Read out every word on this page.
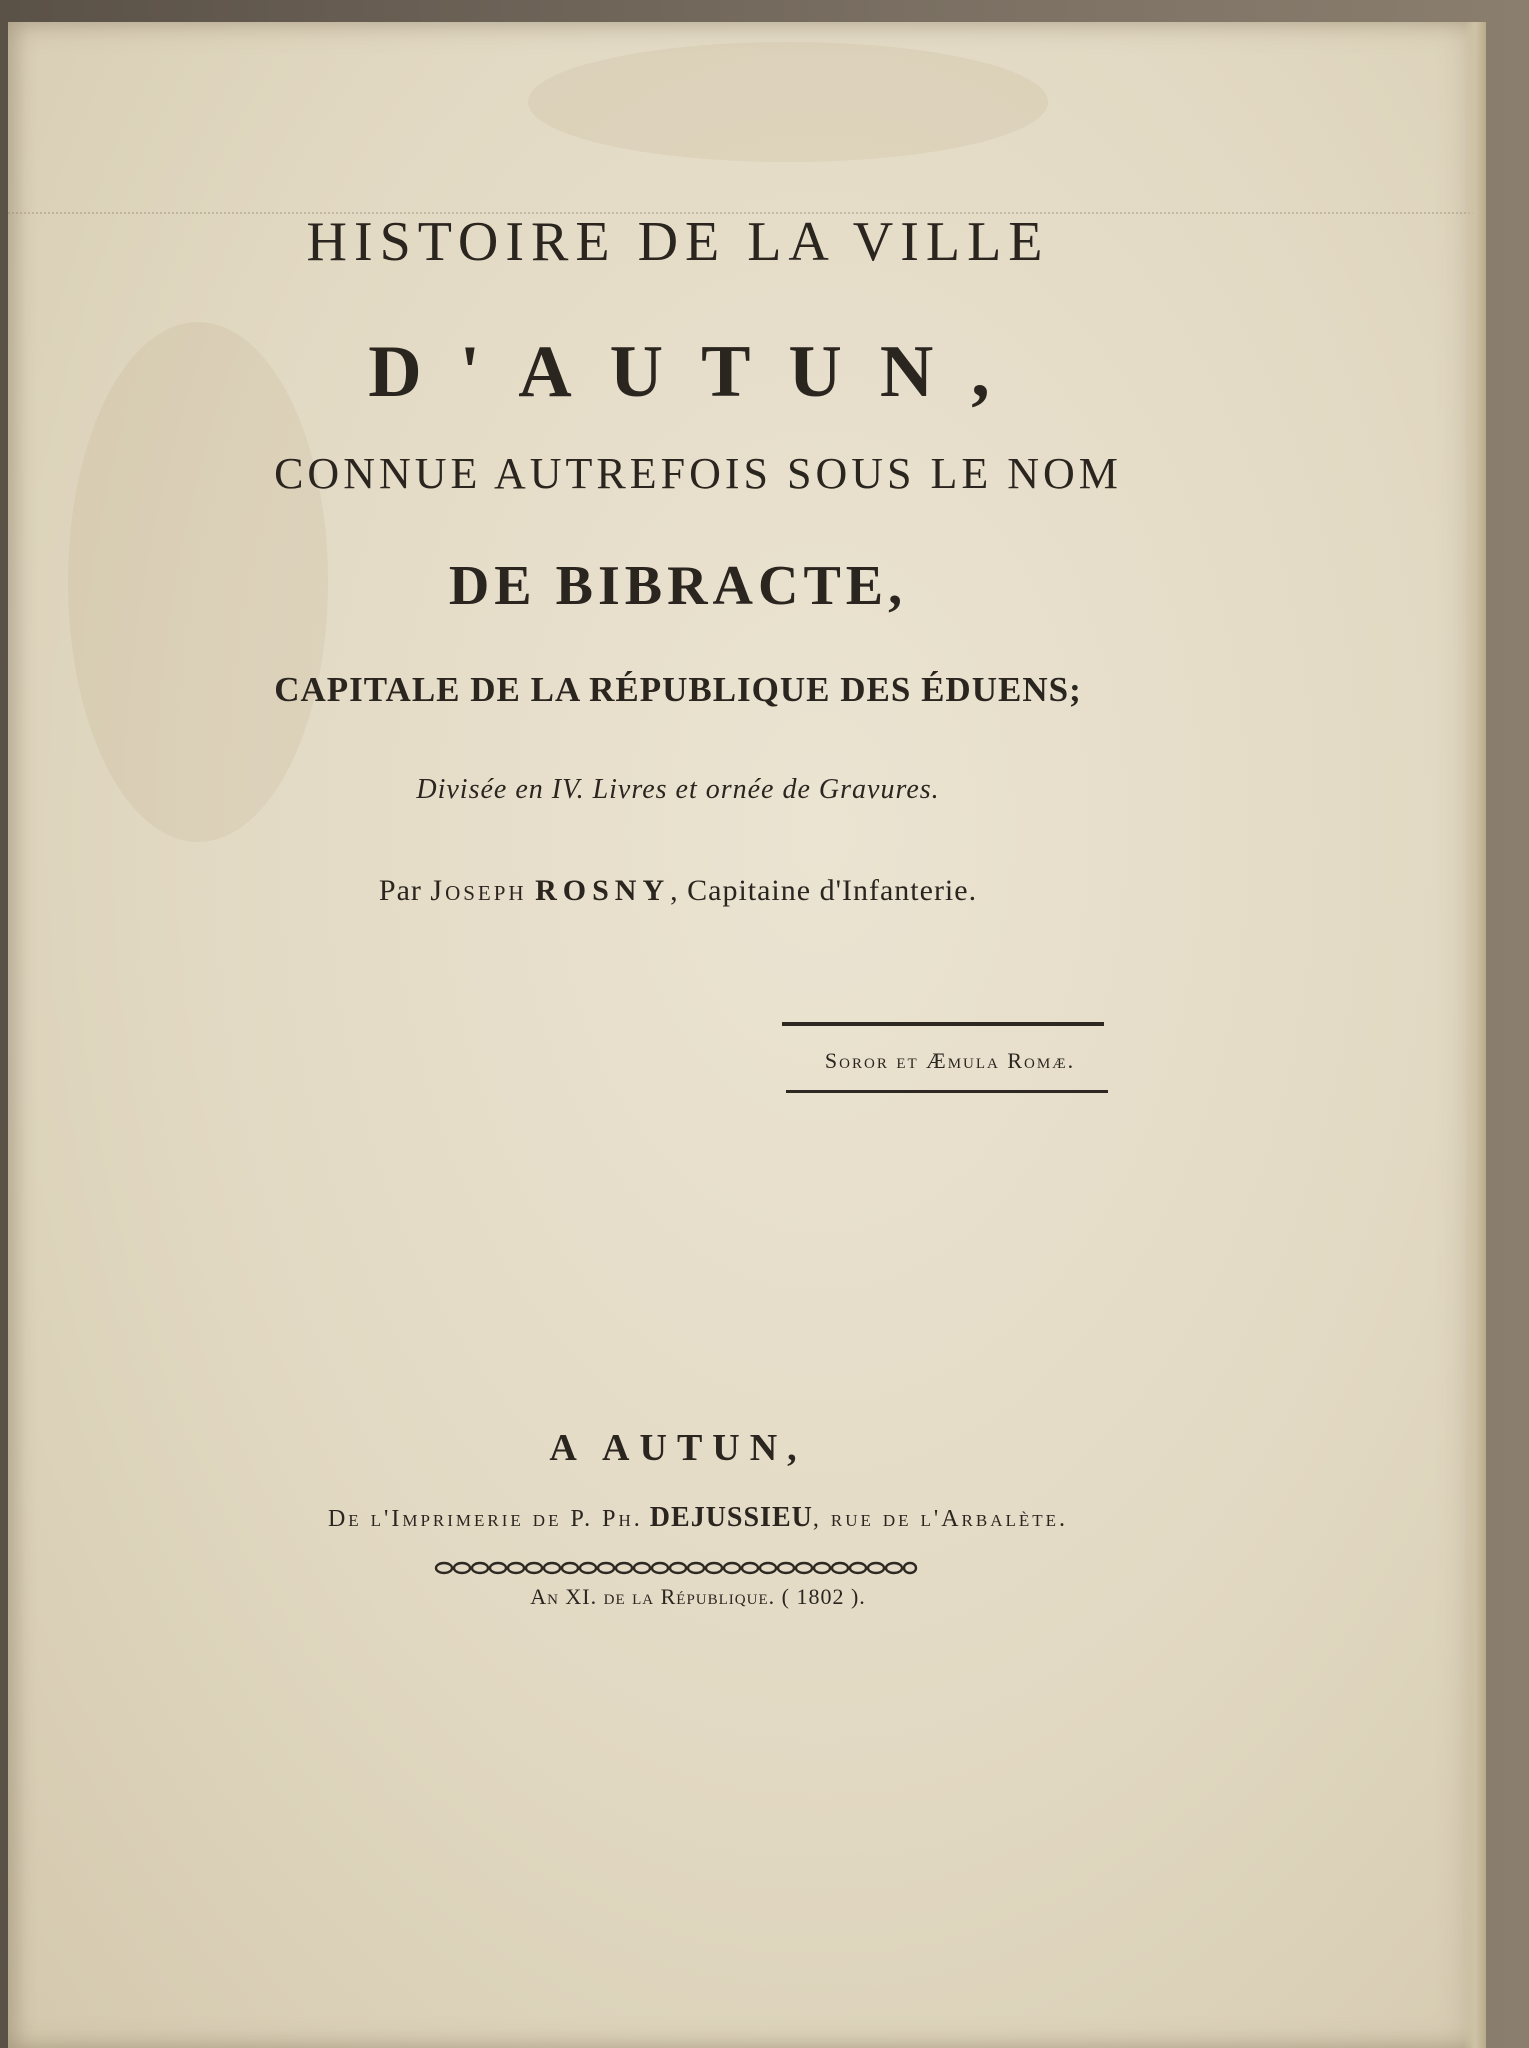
HISTOIRE DE LA VILLE
D'AUTUN,
CONNUE AUTREFOIS SOUS LE NOM
DE BIBRACTE,
CAPITALE DE LA RÉPUBLIQUE DES ÉDUENS;
Divisée en IV. Livres et ornée de Gravures.
Par Joseph ROSNY, Capitaine d'Infanterie.
Soror et Æmula Romæ.
A AUTUN,
De l'Imprimerie de P. Ph. DEJUSSIEU, rue de l'Arbalète.
An XI. de la République. ( 1802 ).
